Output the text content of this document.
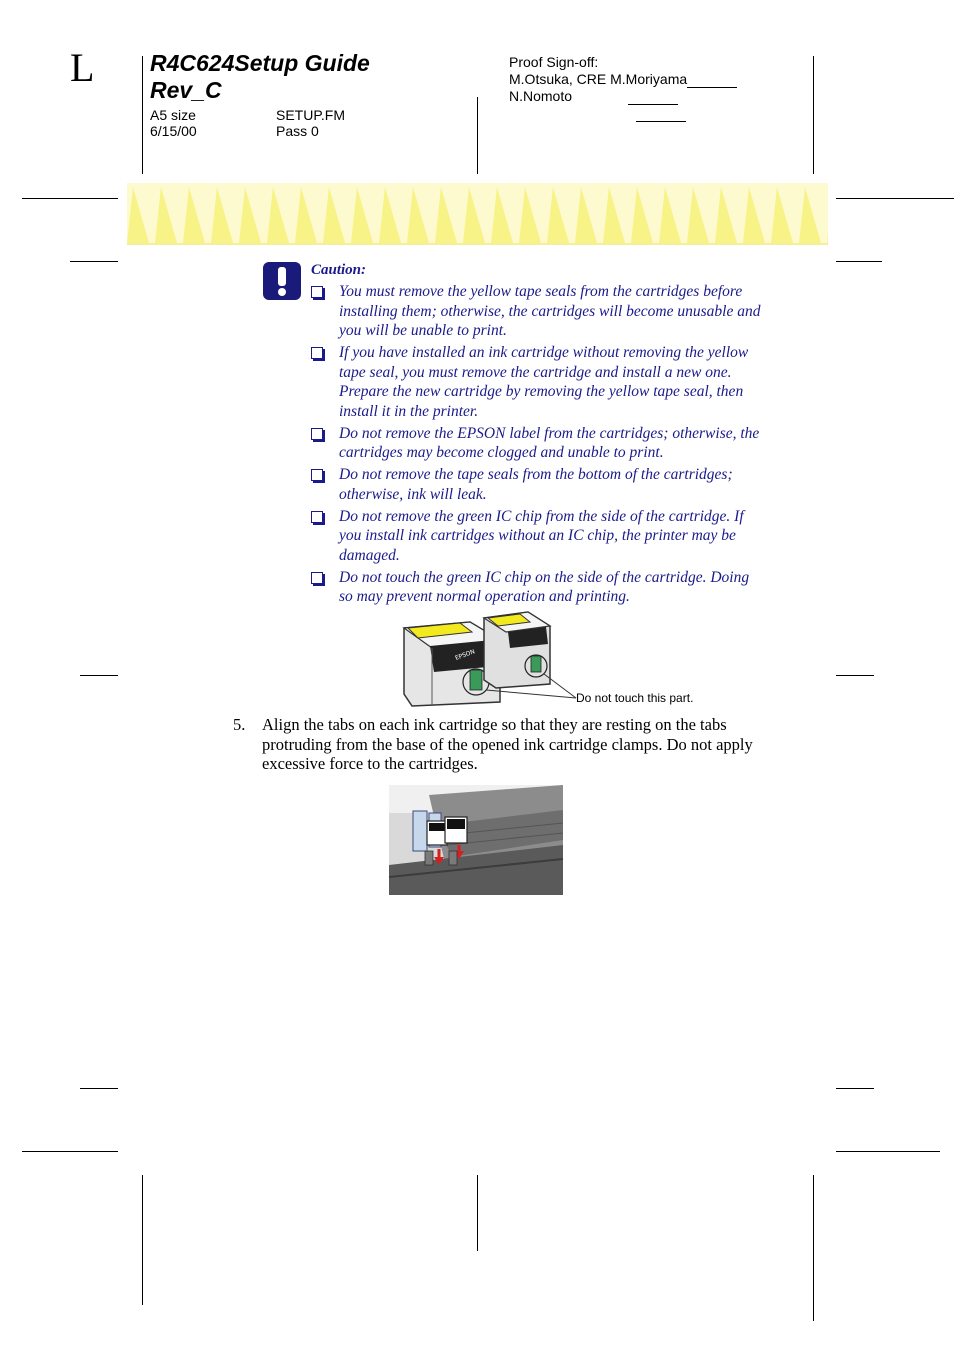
L R4C624Setup Guide
Rev_C
A5 size
6/15/00
SETUP.FM
Pass 0
Proof Sign-off:
M.Otsuka, CRE M.Moriyama
N.Nomoto
Caution:
You must remove the yellow tape seals from the cartridges before installing them; otherwise, the cartridges will become unusable and you will be unable to print.
If you have installed an ink cartridge without removing the yellow tape seal, you must remove the cartridge and install a new one. Prepare the new cartridge by removing the yellow tape seal, then install it in the printer.
Do not remove the EPSON label from the cartridges; otherwise, the cartridges may become clogged and unable to print.
Do not remove the tape seals from the bottom of the cartridges; otherwise, ink will leak.
Do not remove the green IC chip from the side of the cartridge. If you install ink cartridges without an IC chip, the printer may be damaged.
Do not touch the green IC chip on the side of the cartridge. Doing so may prevent normal operation and printing.
EPSON
Do not touch this part.
5. Align the tabs on each ink cartridge so that they are resting on the tabs protruding from the base of the opened ink cartridge clamps. Do not apply excessive force to the cartridges.
